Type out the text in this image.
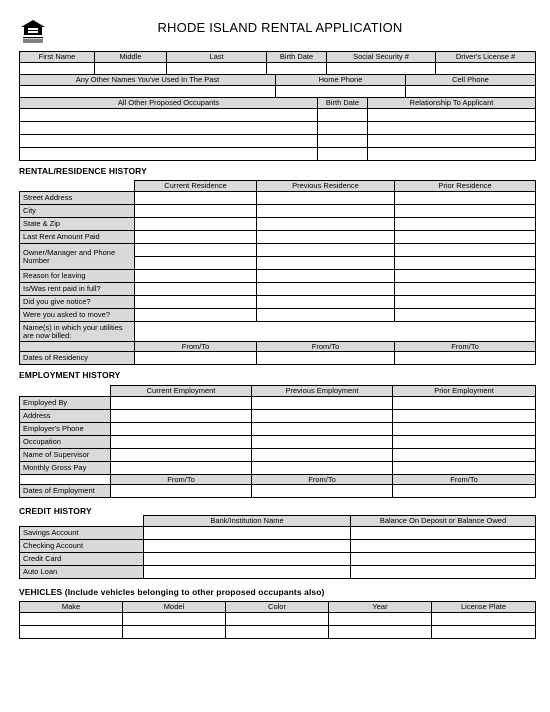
RHODE ISLAND RENTAL APPLICATION
First Name	Middle	Last	Birth Date	Social Security #	Driver's License #

Any Other Names You've Used In The Past	Home Phone	Cell Phone

All Other Proposed Occupants	Birth Date	Relationship To Applicant

RENTAL/RESIDENCE HISTORY
	Current Residence	Previous Residence	Prior Residence
Street Address			
City			
State & Zip			
Last Rent Amount Paid			
Owner/Manager and Phone Number			

Reason for leaving			
Is/Was rent paid in full?			
Did you give notice?			
Were you asked to move?			
Name(s) in which your utilities are now billed:			
	From/To	From/To	From/To
Dates of Residency			
EMPLOYMENT HISTORY
	Current Employment	Previous Employment	Prior Employment
Employed By			
Address			
Employer's Phone			
Occupation			
Name of Supervisor			
Monthly Gross Pay			
	From/To	From/To	From/To
Dates of Employment			
CREDIT HISTORY
	Bank/Institution Name	Balance On Deposit or Balance Owed
Savings Account		
Checking Account		
Credit Card		
Auto Loan		
VEHICLES (Include vehicles belonging to other proposed occupants also)
Make	Model	Color	Year	License Plate
